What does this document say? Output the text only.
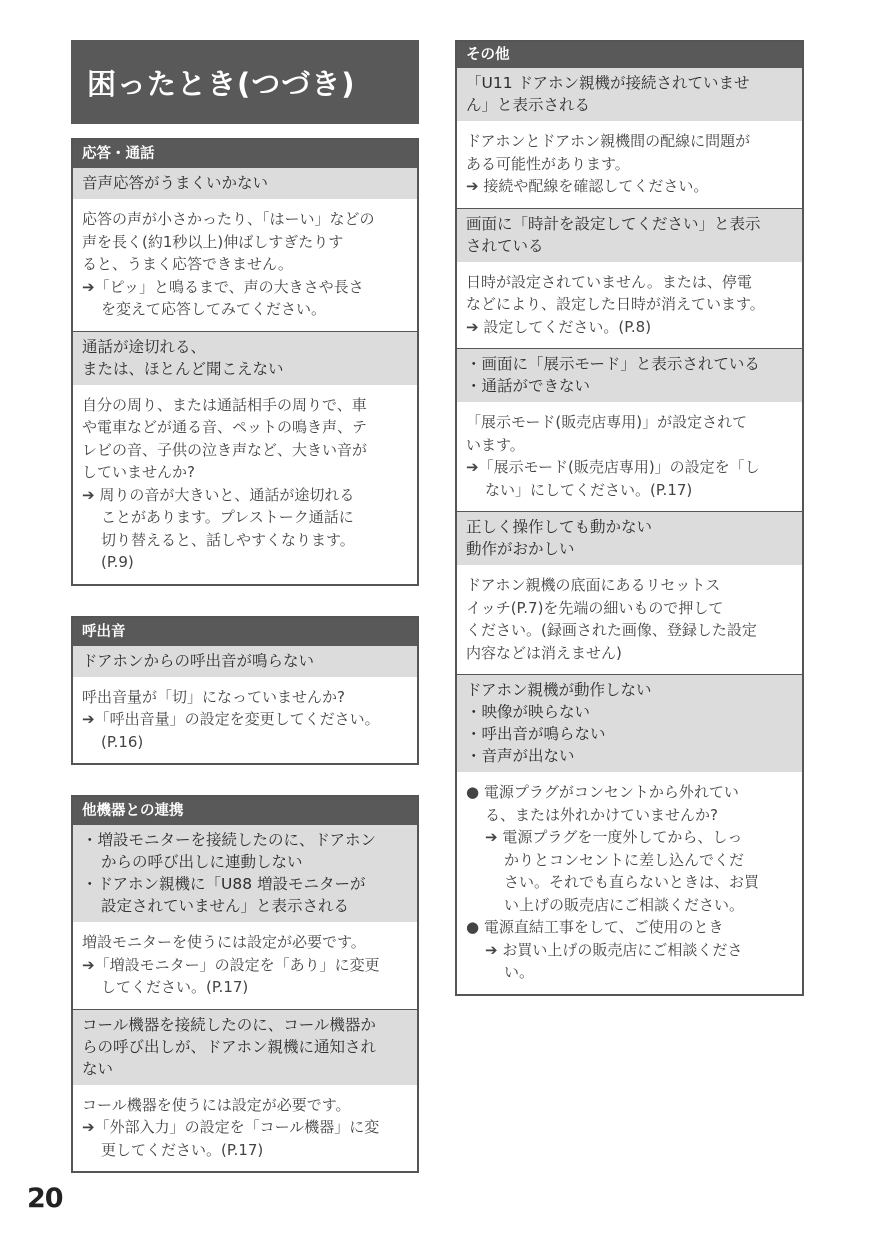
困ったとき(つづき)
応答・通話
音声応答がうまくいかない
応答の声が小さかったり、「はーい」などの
声を長く(約1秒以上)伸ばしすぎたりす
ると、うまく応答できません。
➔「ピッ」と鳴るまで、声の大きさや長さ
を変えて応答してみてください。
通話が途切れる、
または、ほとんど聞こえない
自分の周り、または通話相手の周りで、車
や電車などが通る音、ペットの鳴き声、テ
レビの音、子供の泣き声など、大きい音が
していませんか?
➔ 周りの音が大きいと、通話が途切れる
ことがあります。プレストーク通話に
切り替えると、話しやすくなります。
(P.9)
呼出音
ドアホンからの呼出音が鳴らない
呼出音量が「切」になっていませんか?
➔「呼出音量」の設定を変更してください。
(P.16)
他機器との連携
・増設モニターを接続したのに、ドアホン
からの呼び出しに連動しない
・ドアホン親機に「U88 増設モニターが
設定されていません」と表示される
増設モニターを使うには設定が必要です。
➔「増設モニター」の設定を「あり」に変更
してください。(P.17)
コール機器を接続したのに、コール機器か
らの呼び出しが、ドアホン親機に通知され
ない
コール機器を使うには設定が必要です。
➔「外部入力」の設定を「コール機器」に変
更してください。(P.17)
その他
「U11 ドアホン親機が接続されていませ
ん」と表示される
ドアホンとドアホン親機間の配線に問題が
ある可能性があります。
➔ 接続や配線を確認してください。
画面に「時計を設定してください」と表示
されている
日時が設定されていません。または、停電
などにより、設定した日時が消えています。
➔ 設定してください。(P.8)
・画面に「展示モード」と表示されている
・通話ができない
「展示モード(販売店専用)」が設定されて
います。
➔「展示モード(販売店専用)」の設定を「し
ない」にしてください。(P.17)
正しく操作しても動かない
動作がおかしい
ドアホン親機の底面にあるリセットス
イッチ(P.7)を先端の細いもので押して
ください。(録画された画像、登録した設定
内容などは消えません)
ドアホン親機が動作しない
・映像が映らない
・呼出音が鳴らない
・音声が出ない
● 電源プラグがコンセントから外れてい
る、または外れかけていませんか?
➔ 電源プラグを一度外してから、しっ
かりとコンセントに差し込んでくだ
さい。それでも直らないときは、お買
い上げの販売店にご相談ください。
● 電源直結工事をして、ご使用のとき
➔ お買い上げの販売店にご相談くださ
い。
20
